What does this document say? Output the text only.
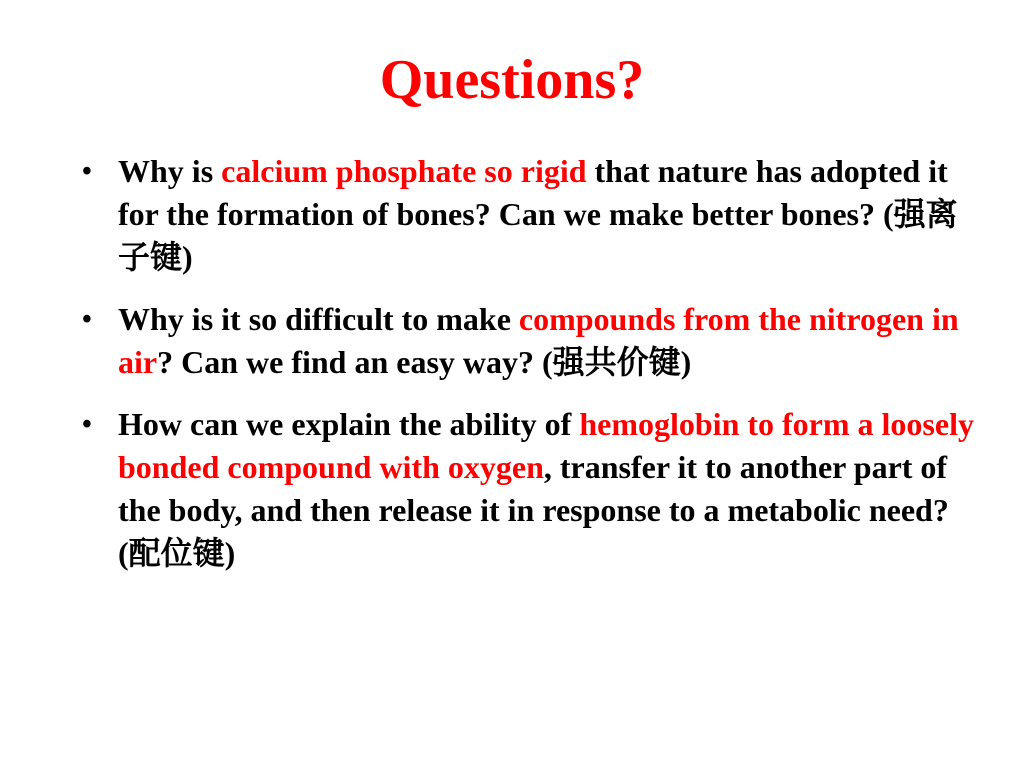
Questions?
• Why is calcium phosphate so rigid that nature has adopted it for the formation of bones? Can we make better bones? (强离子键)
• Why is it so difficult to make compounds from the nitrogen in air? Can we find an easy way? (强共价键)
• How can we explain the ability of hemoglobin to form a loosely bonded compound with oxygen, transfer it to another part of the body, and then release it in response to a metabolic need? (配位键)
